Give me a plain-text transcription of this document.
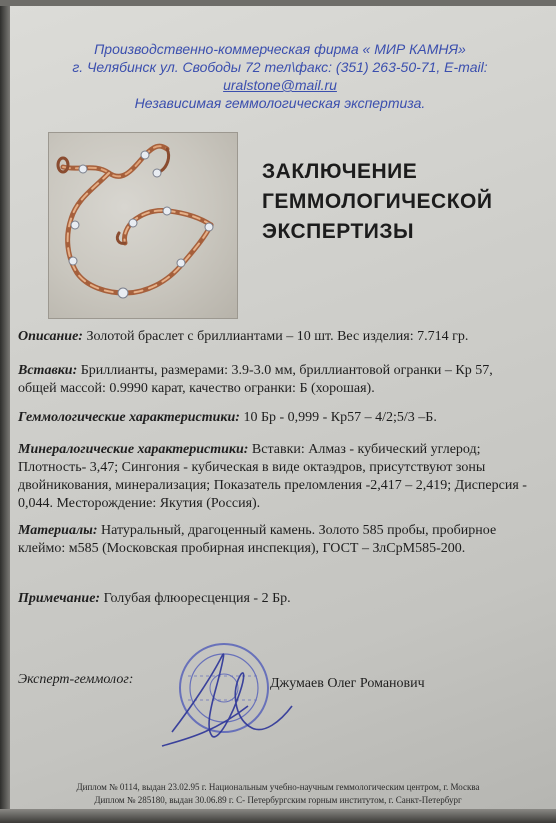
Производственно-коммерческая фирма « МИР КАМНЯ»
г. Челябинск ул. Свободы 72 тел\факс: (351) 263-50-71, E-mail:
uralstone@mail.ru
Независимая геммологическая экспертиза.
ЗАКЛЮЧЕНИЕ
ГЕММОЛОГИЧЕСКОЙ
ЭКСПЕРТИЗЫ
Описание: Золотой браслет с бриллиантами – 10 шт. Вес изделия: 7.714 гр.
Вставки: Бриллианты, размерами: 3.9-3.0 мм, бриллиантовой огранки – Кр 57,
общей массой: 0.9990 карат, качество огранки: Б (хорошая).
Геммологические характеристики: 10 Бр - 0,999 - Кр57 – 4/2;5/3 –Б.
Минералогические характеристики: Вставки: Алмаз - кубический углерод;
Плотность- 3,47; Сингония - кубическая в виде октаэдров, присутствуют зоны
двойникования, минерализация; Показатель преломления -2,417 – 2,419; Дисперсия -
0,044. Месторождение: Якутия (Россия).
Материалы: Натуральный, драгоценный камень. Золото 585 пробы, пробирное
клеймо: м585 (Московская пробирная инспекция), ГОСТ – ЗлСрМ585-200.
Примечание: Голубая флюоресценция - 2 Бр.
Эксперт-геммолог:	Джумаев Олег Романович
Диплом № 0114, выдан 23.02.95 г. Национальным учебно-научным геммологическим центром, г. Москва
Диплом № 285180, выдан 30.06.89 г. С- Петербургским горным институтом, г. Санкт-Петербург
